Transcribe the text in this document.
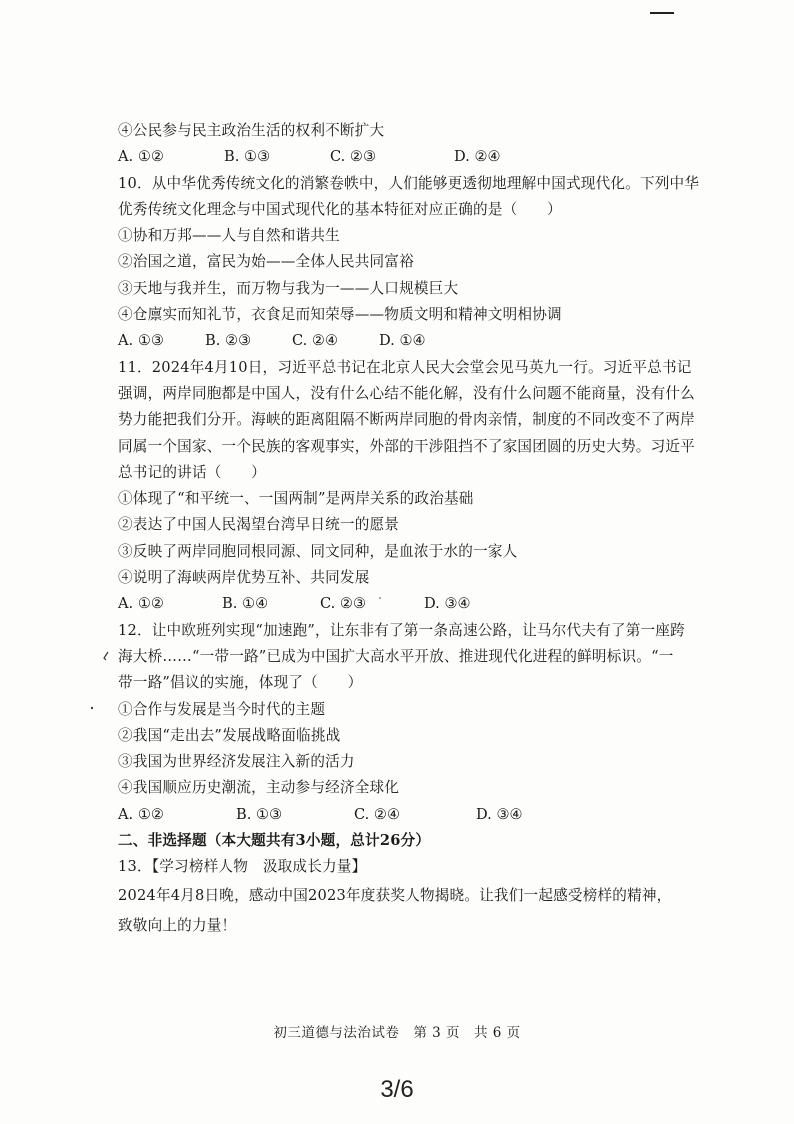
④公民参与民主政治生活的权利不断扩大
A. ①②	B. ①③	C. ②③	D. ②④
10．从中华优秀传统文化的消繁卷帙中，人们能够更透彻地理解中国式现代化。下列中华
优秀传统文化理念与中国式现代化的基本特征对应正确的是（　　）
①协和万邦——人与自然和谐共生
②治国之道，富民为始——全体人民共同富裕
③天地与我并生，而万物与我为一——人口规模巨大
④仓廪实而知礼节，衣食足而知荣辱——物质文明和精神文明相协调
A. ①③	B. ②③	C. ②④	D. ①④
11．2024年4月10日，习近平总书记在北京人民大会堂会见马英九一行。习近平总书记
强调，两岸同胞都是中国人，没有什么心结不能化解，没有什么问题不能商量，没有什么
势力能把我们分开。海峡的距离阻隔不断两岸同胞的骨肉亲情，制度的不同改变不了两岸
同属一个国家、一个民族的客观事实，外部的干涉阻挡不了家国团圆的历史大势。习近平
总书记的讲话（　　）
①体现了“和平统一、一国两制”是两岸关系的政治基础
②表达了中国人民渴望台湾早日统一的愿景
③反映了两岸同胞同根同源、同文同种，是血浓于水的一家人
④说明了海峡两岸优势互补、共同发展
A. ①②	B. ①④	C. ②③	D. ③④
12．让中欧班列实现“加速跑”，让东非有了第一条高速公路，让马尔代夫有了第一座跨
海大桥……“一带一路”已成为中国扩大高水平开放、推进现代化进程的鲜明标识。“一
带一路”倡议的实施，体现了（　　）
①合作与发展是当今时代的主题
②我国“走出去”发展战略面临挑战
③我国为世界经济发展注入新的活力
④我国顺应历史潮流，主动参与经济全球化
A. ①②	B. ①③	C. ②④	D. ③④
二、非选择题（本大题共有3小题，总计26分）
13．【学习榜样人物　汲取成长力量】
2024年4月8日晚，感动中国2023年度获奖人物揭晓。让我们一起感受榜样的精神，
致敬向上的力量！
初三道德与法治试卷　第 3 页　共 6 页
3/6
